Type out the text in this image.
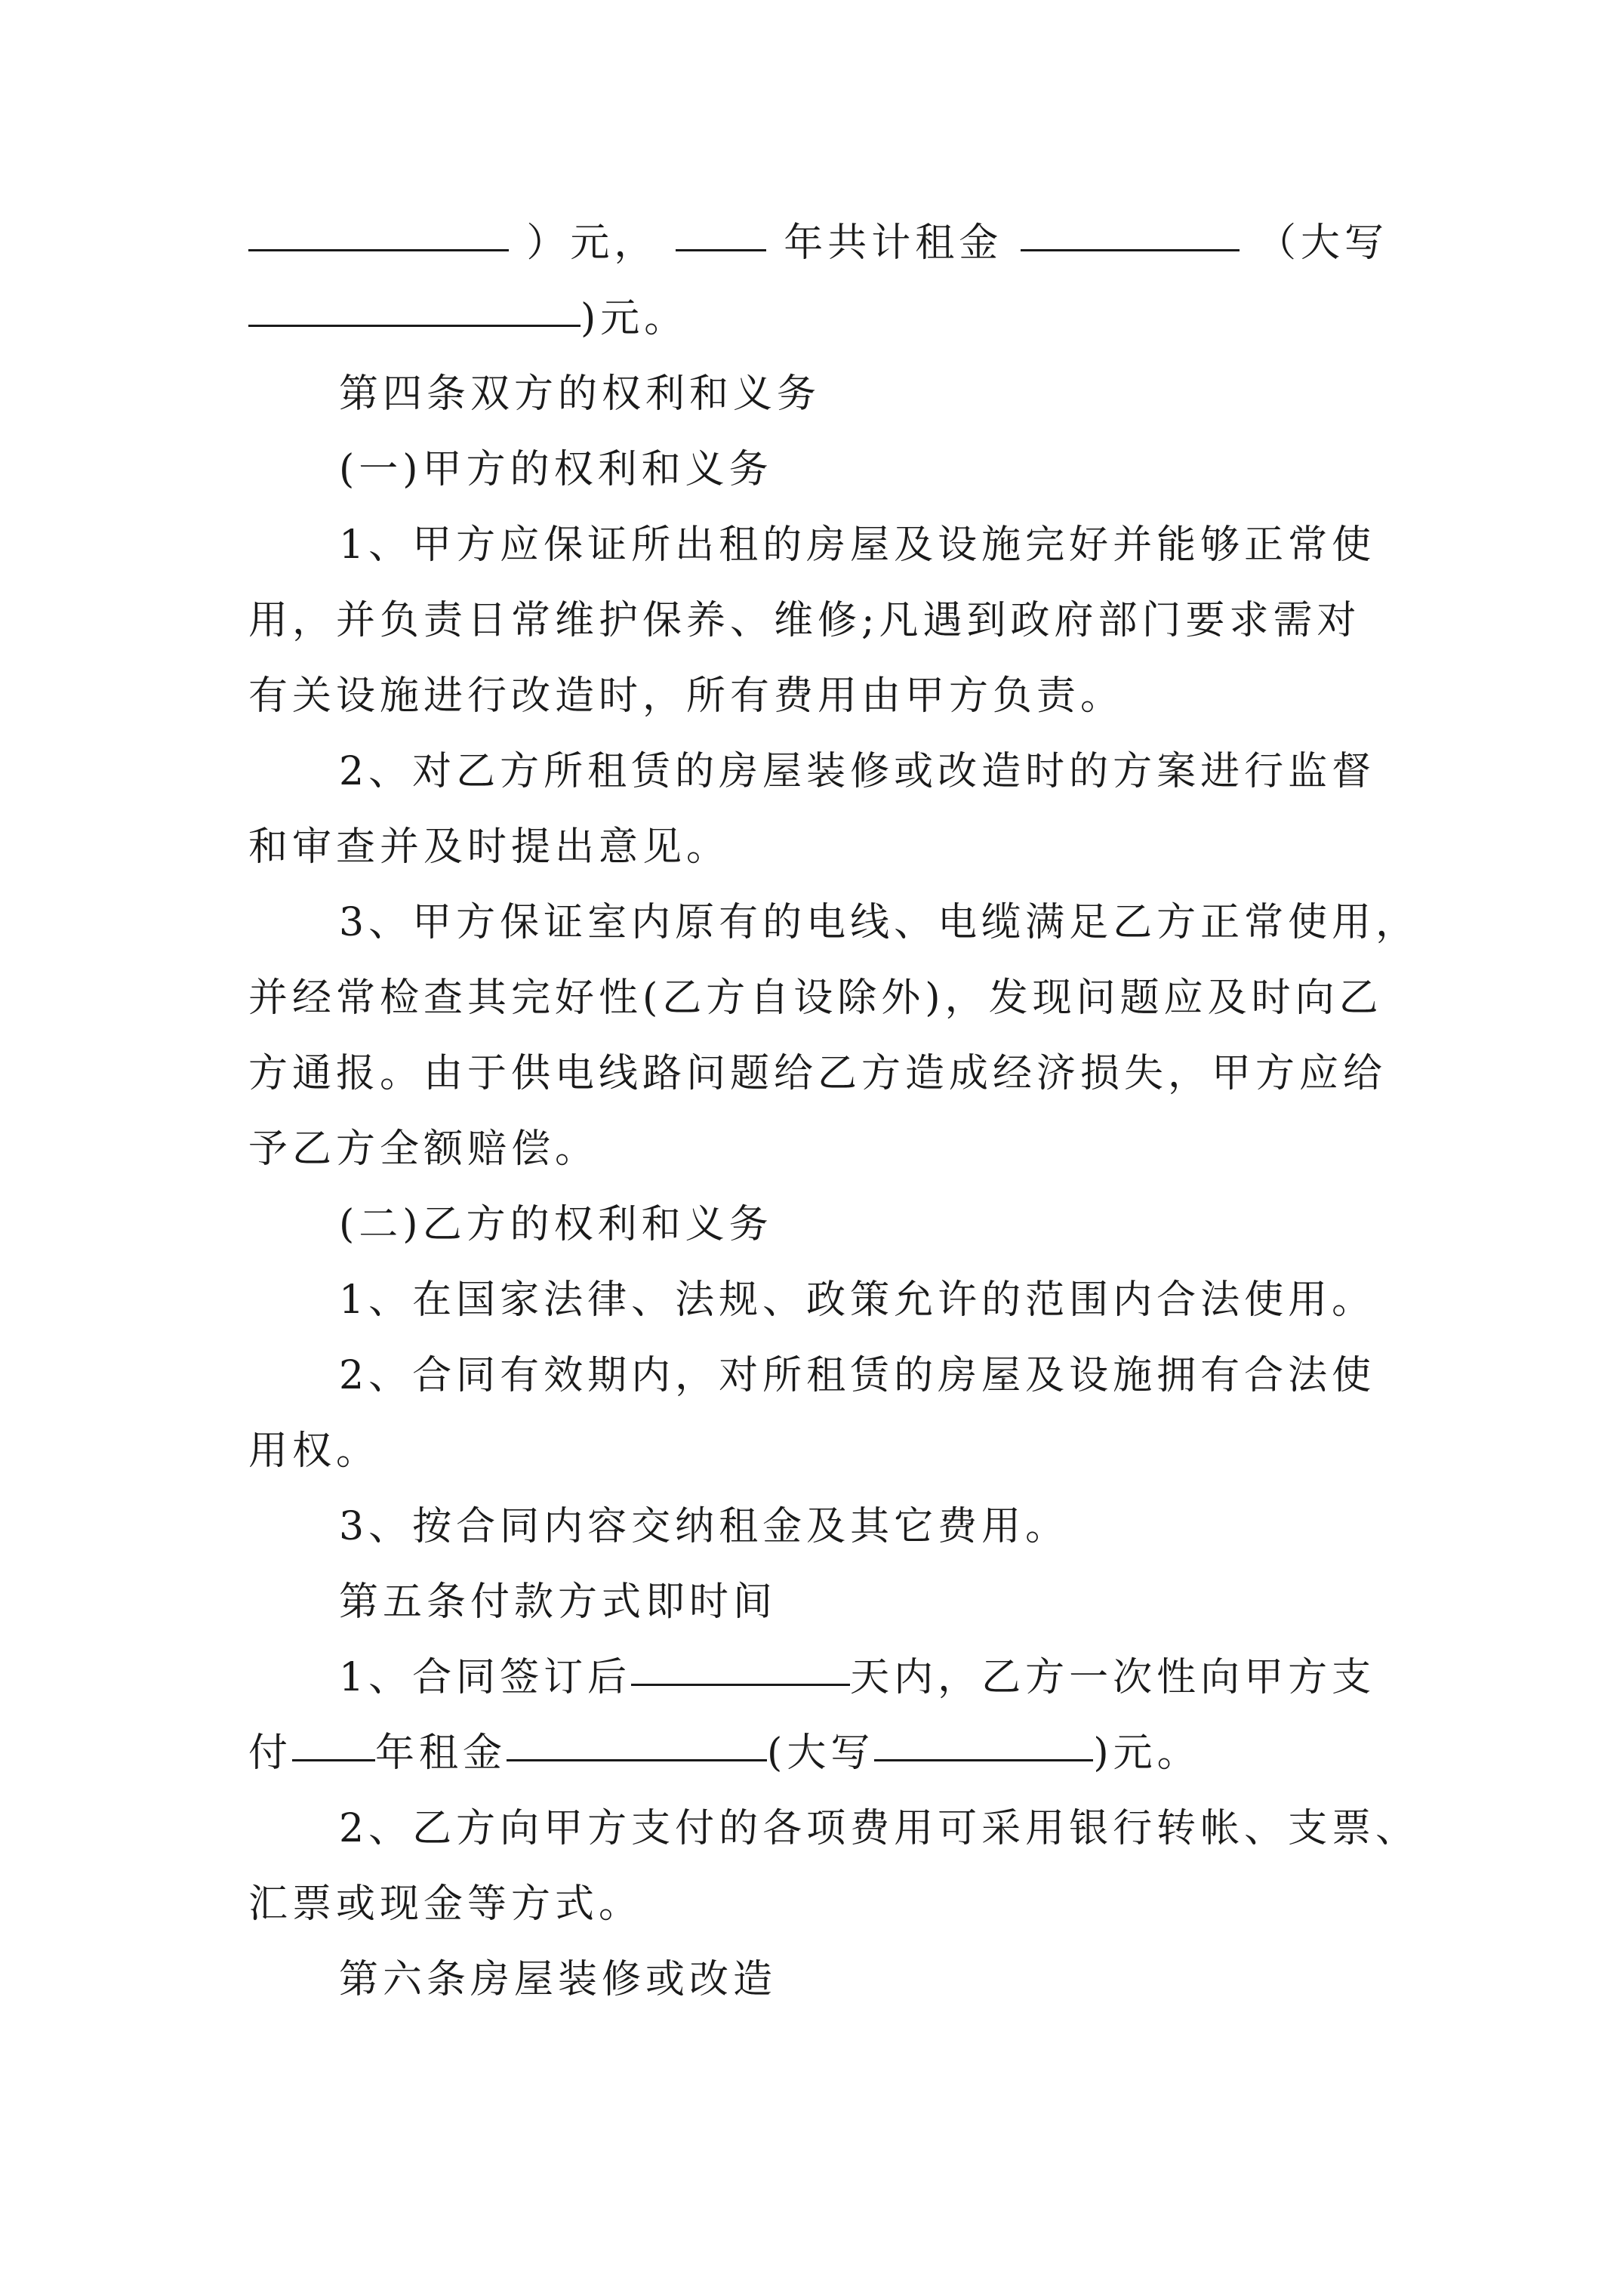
）元，	年共计租金	（大写
)元。
第四条双方的权利和义务
(一)甲方的权利和义务
1、甲方应保证所出租的房屋及设施完好并能够正常使
用，并负责日常维护保养、维修;凡遇到政府部门要求需对
有关设施进行改造时，所有费用由甲方负责。
2、对乙方所租赁的房屋装修或改造时的方案进行监督
和审查并及时提出意见。
3、甲方保证室内原有的电线、电缆满足乙方正常使用，
并经常检查其完好性(乙方自设除外)，发现问题应及时向乙
方通报。由于供电线路问题给乙方造成经济损失，甲方应给
予乙方全额赔偿。
(二)乙方的权利和义务
1、在国家法律、法规、政策允许的范围内合法使用。
2、合同有效期内，对所租赁的房屋及设施拥有合法使
用权。
3、按合同内容交纳租金及其它费用。
第五条付款方式即时间
1、合同签订后	天内，乙方一次性向甲方支
付 年租金	(大写	)元。
2、乙方向甲方支付的各项费用可采用银行转帐、支票、
汇票或现金等方式。
第六条房屋装修或改造
